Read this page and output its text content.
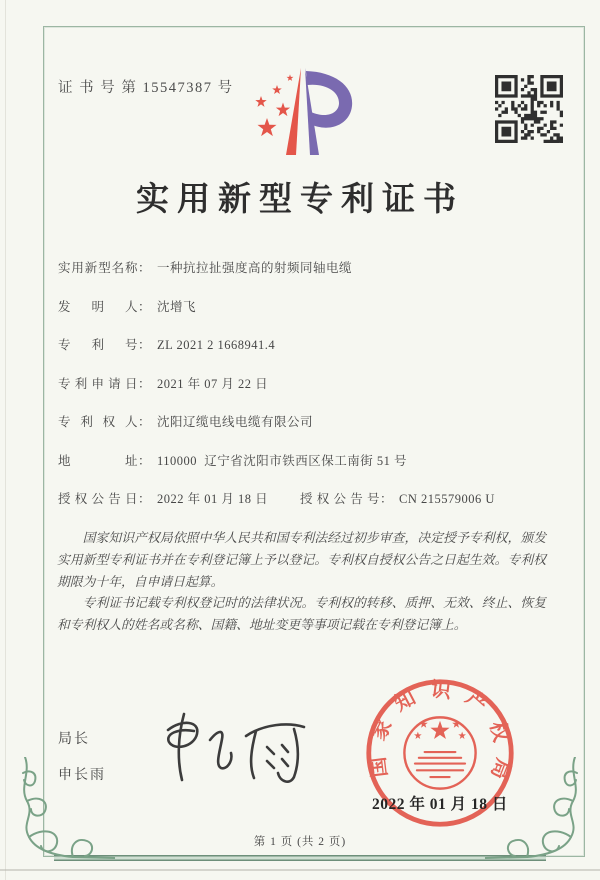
证 书 号 第 15547387 号
实用新型专利证书
实用新型名称： 一种抗拉扯强度高的射频同轴电缆
发明人： 沈增飞
专利号： ZL 2021 2 1668941.4
专利申请日： 2021 年 07 月 22 日
专利权人： 沈阳辽缆电线电缆有限公司
地址： 110000  辽宁省沈阳市铁西区保工南街 51 号
授权公告日： 2022 年 01 月 18 日	授权公告号： CN 215579006 U

国家知识产权局依照中华人民共和国专利法经过初步审查，决定授予专利权，颁发实用新型专利证书并在专利登记簿上予以登记。专利权自授权公告之日起生效。专利权期限为十年，自申请日起算。

专利证书记载专利权登记时的法律状况。专利权的转移、质押、无效、终止、恢复和专利权人的姓名或名称、国籍、地址变更等事项记载在专利登记簿上。

局长
申长雨	国家知识产权局
2022 年 01 月 18 日
第 1 页 (共 2 页)
